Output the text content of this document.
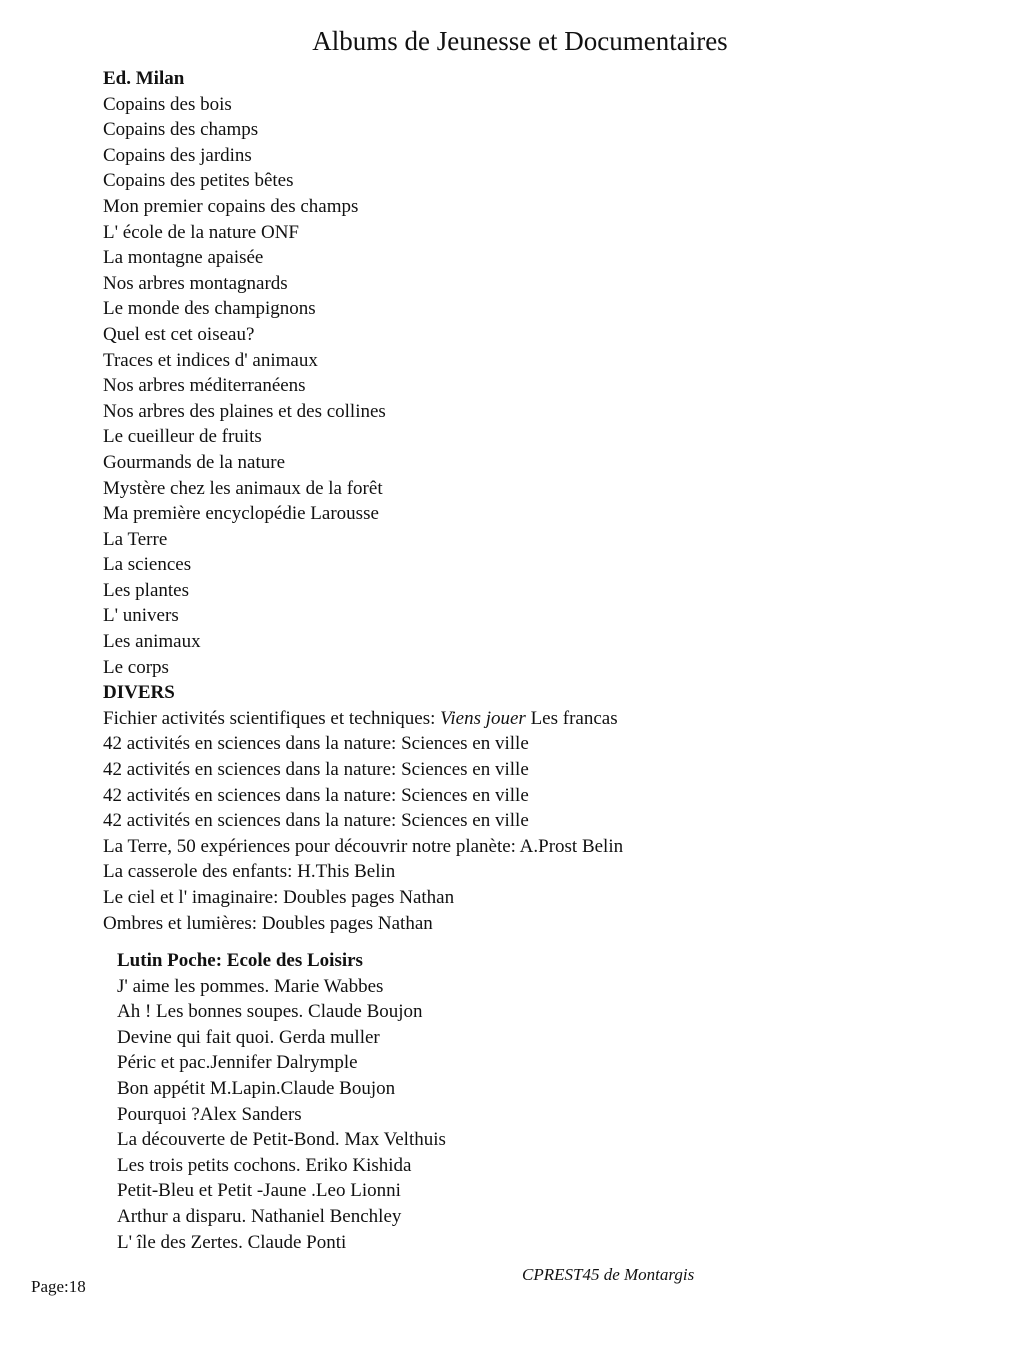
Albums de Jeunesse et Documentaires
Ed. Milan
Copains des bois
Copains des champs
Copains des jardins
Copains des petites bêtes
Mon premier copains des champs
L' école de la nature ONF
La montagne apaisée
Nos arbres montagnards
Le monde des champignons
Quel est cet oiseau?
Traces et indices d' animaux
Nos arbres méditerranéens
Nos arbres des plaines et des collines
Le cueilleur de fruits
Gourmands de la nature
Mystère chez les animaux de la forêt
Ma première encyclopédie Larousse
La Terre
La sciences
Les plantes
L' univers
Les animaux
Le corps
DIVERS
Fichier activités scientifiques et techniques: Viens jouer Les francas
42 activités en sciences dans la nature: Sciences en ville
42 activités en sciences dans la nature: Sciences en ville
42 activités en sciences dans la nature: Sciences en ville
42 activités en sciences dans la nature: Sciences en ville
La Terre, 50 expériences pour découvrir notre planète: A.Prost Belin
La casserole des enfants: H.This Belin
Le ciel et l' imaginaire: Doubles pages Nathan
Ombres et lumières: Doubles pages Nathan
Lutin Poche: Ecole des Loisirs
J' aime les pommes. Marie Wabbes
Ah ! Les bonnes soupes. Claude Boujon
Devine qui fait quoi. Gerda muller
Péric et pac.Jennifer Dalrymple
Bon appétit M.Lapin.Claude Boujon
Pourquoi ?Alex Sanders
La découverte de Petit-Bond. Max Velthuis
Les trois petits cochons. Eriko Kishida
Petit-Bleu et Petit -Jaune .Leo Lionni
Arthur a disparu. Nathaniel Benchley
L' île des Zertes. Claude Ponti
CPREST45 de Montargis
Page:18
